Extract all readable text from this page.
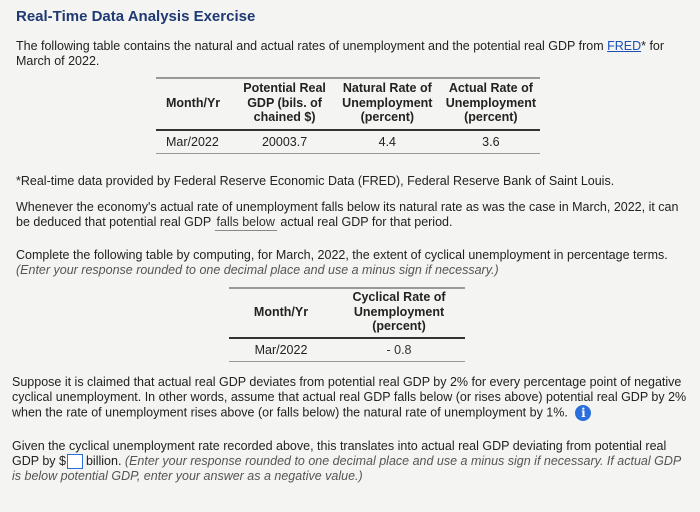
Real-Time Data Analysis Exercise
The following table contains the natural and actual rates of unemployment and the potential real GDP from FRED* for March of 2022.
Month/Yr	Potential Real GDP (bils. of chained $)	Natural Rate of Unemployment (percent)	Actual Rate of Unemployment (percent)
Mar/2022	20003.7	4.4	3.6
*Real-time data provided by Federal Reserve Economic Data (FRED), Federal Reserve Bank of Saint Louis.
Whenever the economy's actual rate of unemployment falls below its natural rate as was the case in March, 2022, it can be deduced that potential real GDP falls below actual real GDP for that period.
Complete the following table by computing, for March, 2022, the extent of cyclical unemployment in percentage terms. (Enter your response rounded to one decimal place and use a minus sign if necessary.)
Month/Yr	Cyclical Rate of Unemployment (percent)
Mar/2022	- 0.8
Suppose it is claimed that actual real GDP deviates from potential real GDP by 2% for every percentage point of negative cyclical unemployment. In other words, assume that actual real GDP falls below (or rises above) potential real GDP by 2% when the rate of unemployment rises above (or falls below) the natural rate of unemployment by 1%. i
Given the cyclical unemployment rate recorded above, this translates into actual real GDP deviating from potential real GDP by $ billion. (Enter your response rounded to one decimal place and use a minus sign if necessary. If actual GDP is below potential GDP, enter your answer as a negative value.)
